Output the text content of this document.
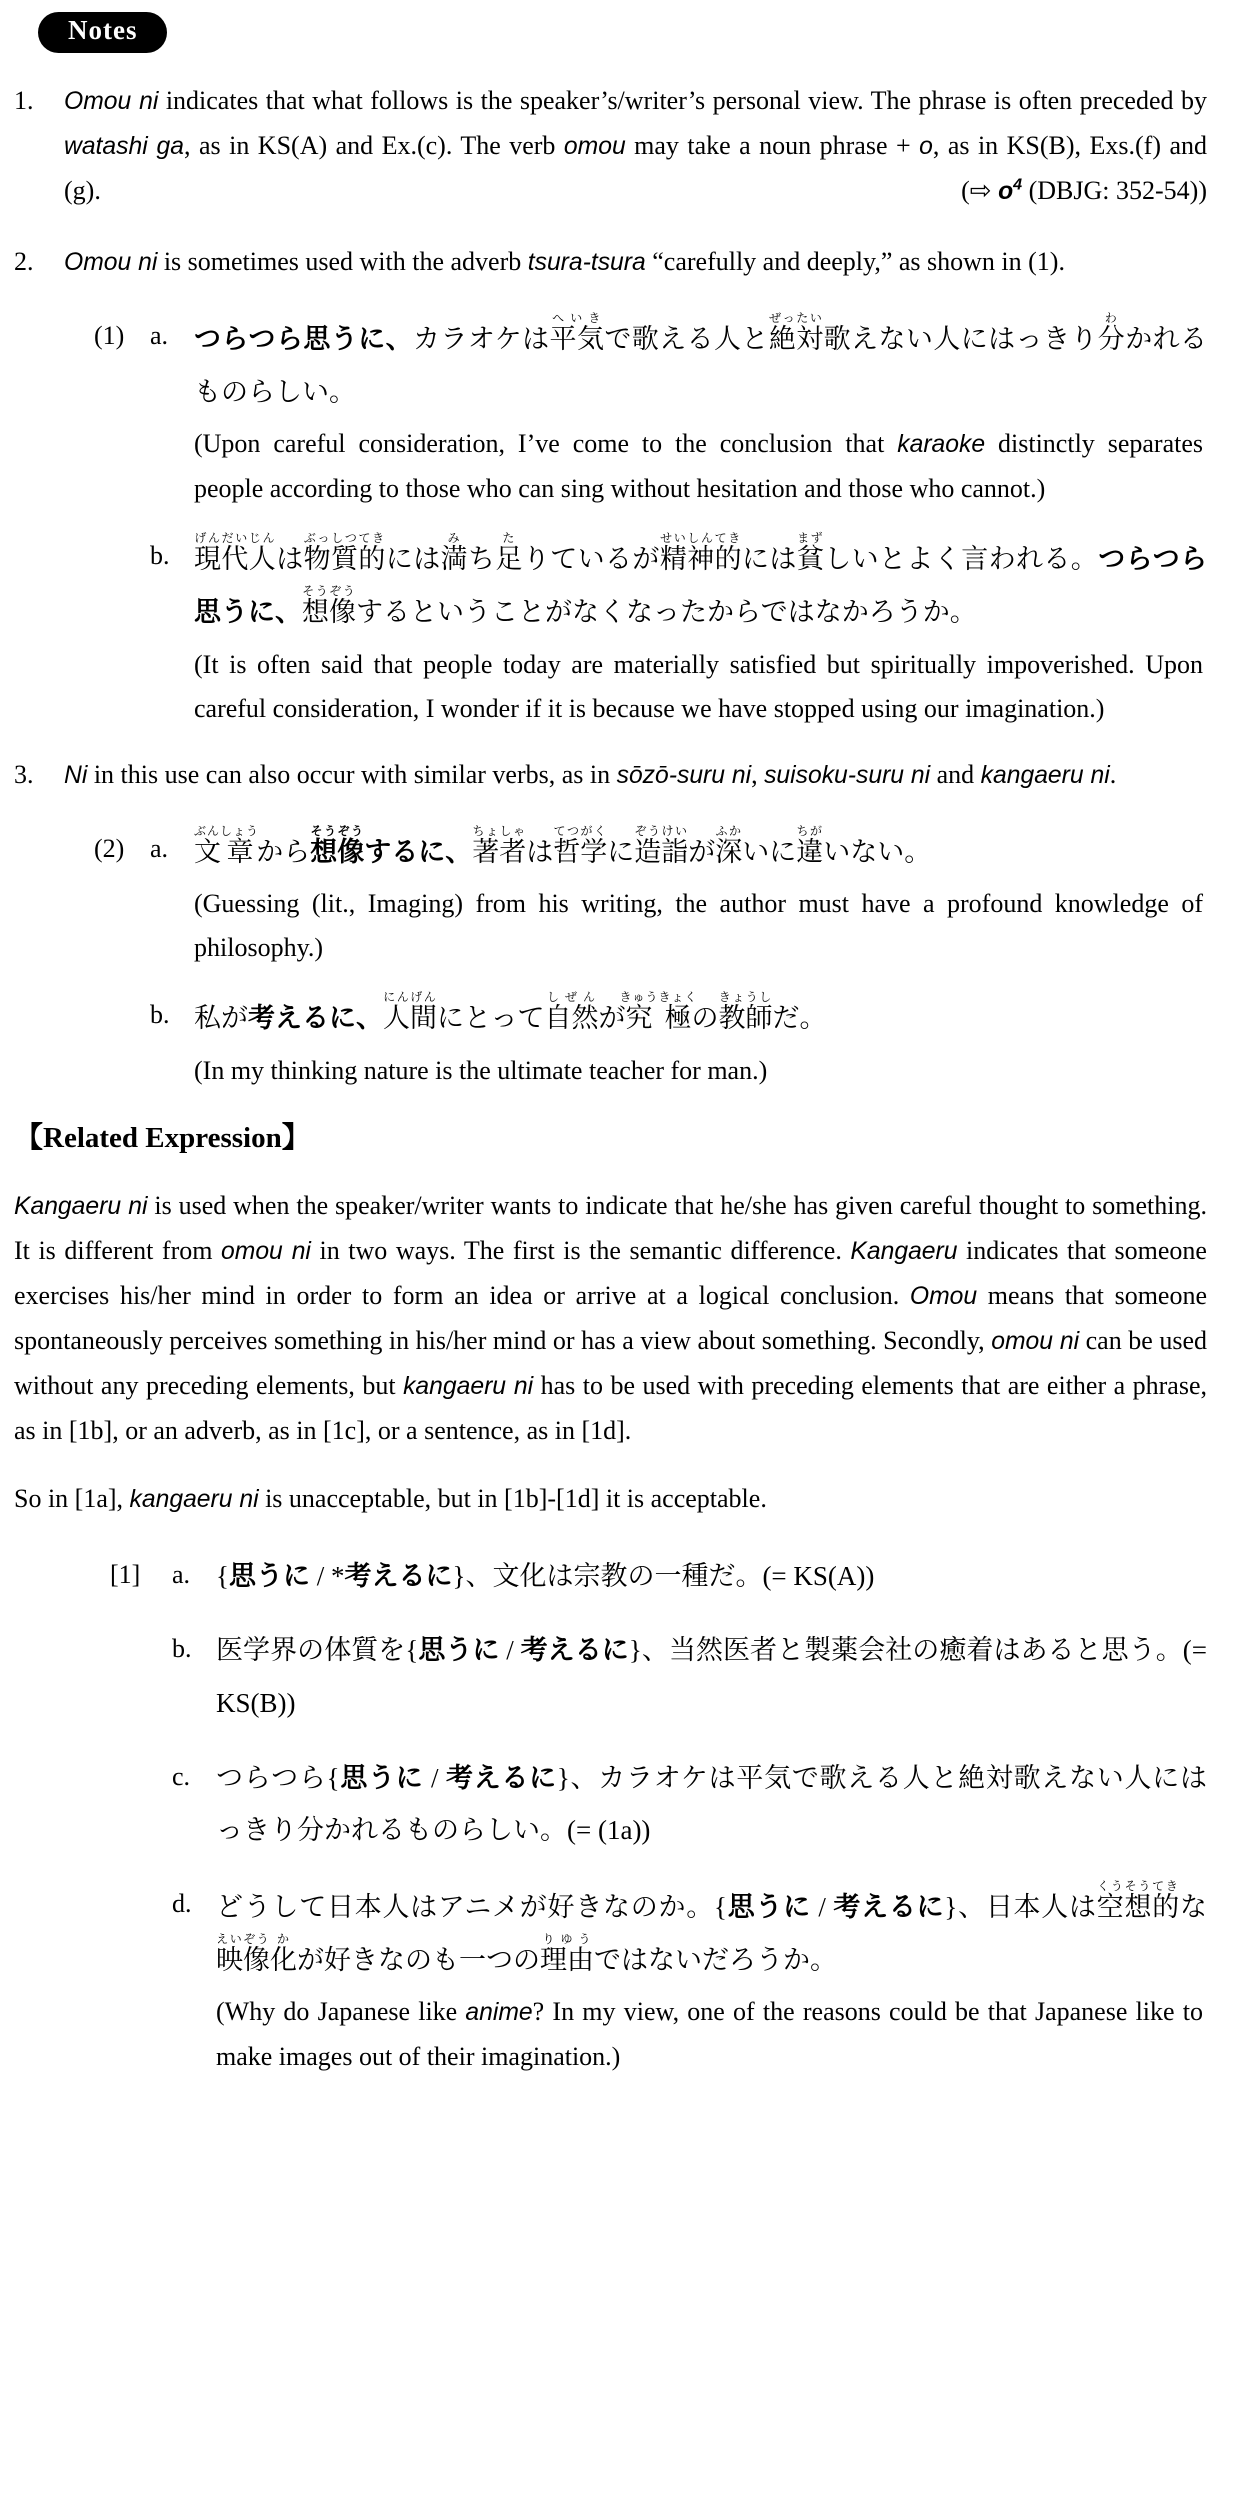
Notes
1.	Omou ni indicates that what follows is the speaker’s/writer’s personal view. The phrase is often preceded by watashi ga, as in KS(A) and Ex.(c). The verb omou may take a noun phrase + o, as in KS(B), Exs.(f) and (g).	(⇨ $o^4$ (DBJG: 352-54))
2.	Omou ni is sometimes used with the adverb tsura-tsura “carefully and deeply,” as shown in (1).
(1) a. つらつら思うに、カラオケは平気へいきで歌える人と絶対ぜったい歌えない人にはっきり分わかれるものらしい。
(Upon careful consideration, I’ve come to the conclusion that karaoke distinctly separates people according to those who can sing without hesitation and those who cannot.)
b. 現代人げんだいじんは物質的ぶっしつてきには満みち足たりているが精神的せいしんてきには貧まずしいとよく言われる。つらつら思うに、想像そうぞうするということがなくなったからではなかろうか。
(It is often said that people today are materially satisfied but spiritually impoverished. Upon careful consideration, I wonder if it is because we have stopped using our imagination.)
3.	Ni in this use can also occur with similar verbs, as in sōzō-suru ni, suisoku-suru ni and kangaeru ni.
(2) a. 文章ぶんしょうから想像そうぞうするに、著者ちょしゃは哲学てつがくに造詣ぞうけいが深ふかいに違ちがいない。
(Guessing (lit., Imaging) from his writing, the author must have a profound knowledge of philosophy.)
b. 私が考えるに、人間にんげんにとって自然しぜんが究極きゅうきょくの教師きょうしだ。
(In my thinking nature is the ultimate teacher for man.)
【Related Expression】
Kangaeru ni is used when the speaker/writer wants to indicate that he/she has given careful thought to something. It is different from omou ni in two ways. The first is the semantic difference. Kangaeru indicates that someone exercises his/her mind in order to form an idea or arrive at a logical conclusion. Omou means that someone spontaneously perceives something in his/her mind or has a view about something. Secondly, omou ni can be used without any preceding elements, but kangaeru ni has to be used with preceding elements that are either a phrase, as in [1b], or an adverb, as in [1c], or a sentence, as in [1d].
So in [1a], kangaeru ni is unacceptable, but in [1b]-[1d] it is acceptable.
[1]	a. {思うに / *考えるに}、文化は宗教の一種だ。(= KS(A))
b. 医学界の体質を{思うに / 考えるに}、当然医者と製薬会社の癒着はあると思う。(= KS(B))
c. つらつら{思うに / 考えるに}、カラオケは平気で歌える人と絶対歌えない人にはっきり分かれるものらしい。(= (1a))
d. どうして日本人はアニメが好きなのか。{思うに / 考えるに}、日本人は空想的くうそうてきな映像えいぞう化かが好きなのも一つの理由りゆうではないだろうか。
(Why do Japanese like anime? In my view, one of the reasons could be that Japanese like to make images out of their imagination.)
